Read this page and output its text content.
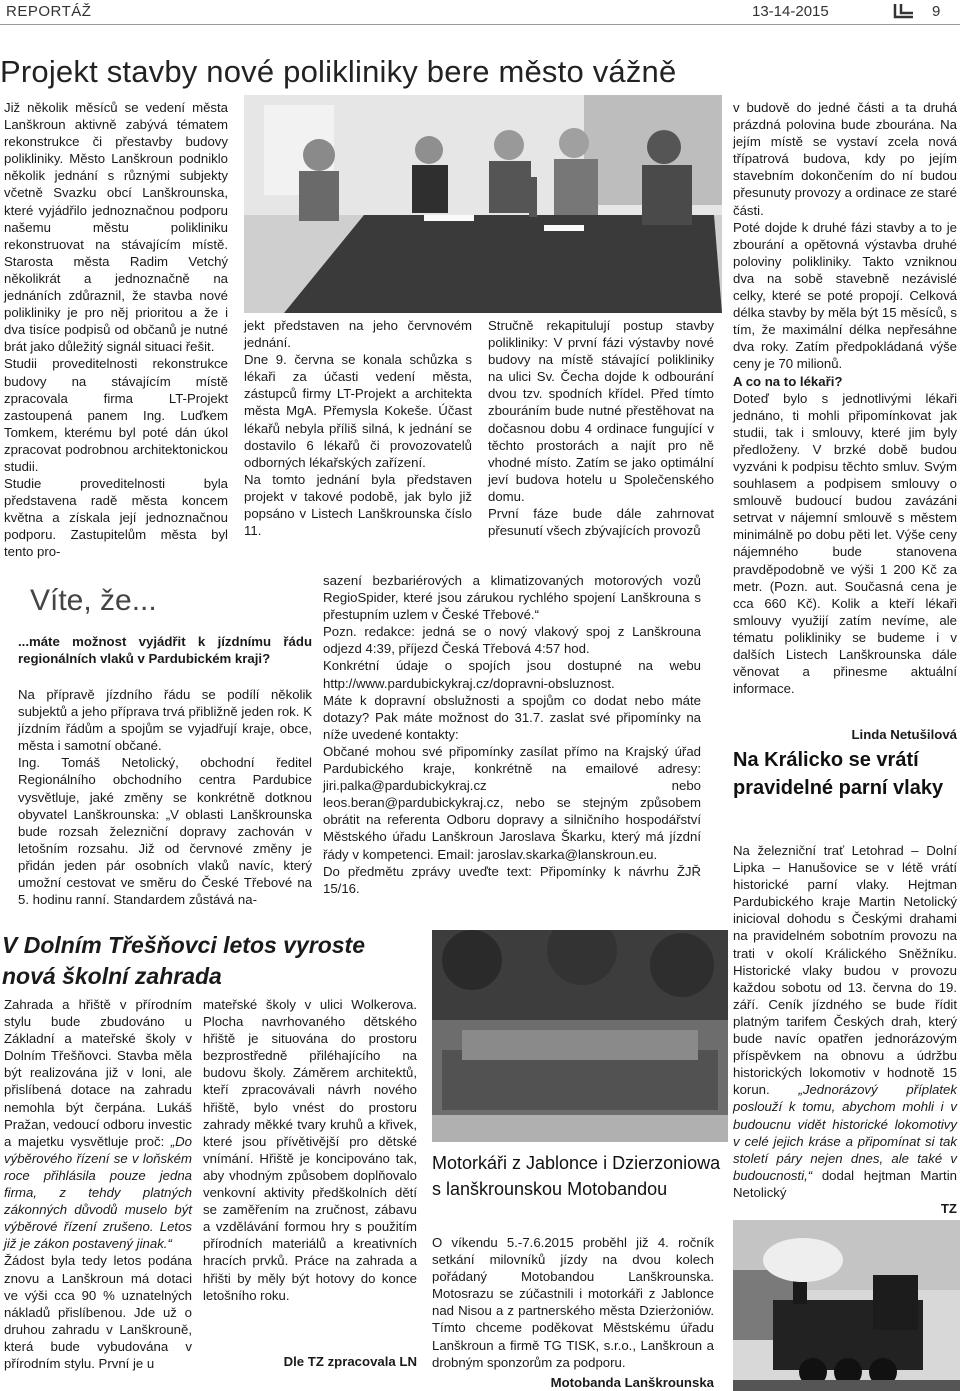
REPORTÁŽ	13-14-2015	9
Projekt stavby nové polikliniky bere město vážně

Již několik měsíců se vedení města Lanškroun aktivně zabývá tématem rekonstrukce či přestavby budovy polikliniky. Město Lanškroun podniklo několik jednání s různými subjekty včetně Svazku obcí Lanškrounska, které vyjádřilo jednoznačnou podporu našemu městu polikliniku rekonstruovat na stávajícím místě. Starosta města Radim Vetchý několikrát a jednoznačně na jednáních zdůraznil, že stavba nové polikliniky je pro něj prioritou a že i dva tisíce podpisů od občanů je nutné brát jako důležitý signál situaci řešit.

Studii proveditelnosti rekonstrukce budovy na stávajícím místě zpracovala firma LT-Projekt zastoupená panem Ing. Luďkem Tomkem, kterému byl poté dán úkol zpracovat podrobnou architektonickou studii.

Studie proveditelnosti byla představena radě města koncem května a získala její jednoznačnou podporu. Zastupitelům města byl tento pro-

jekt představen na jeho červnovém jednání.

Dne 9. června se konala schůzka s lékaři za účasti vedení města, zástupců firmy LT-Projekt a architekta města MgA. Přemysla Kokeše. Účast lékařů nebyla příliš silná, k jednání se dostavilo 6 lékařů či provozovatelů odborných lékařských zařízení.

Na tomto jednání byla představen projekt v takové podobě, jak bylo již popsáno v Listech Lanškrounska číslo 11.

Stručně rekapitulují postup stavby polikliniky: V první fázi výstavby nové budovy na místě stávající polikliniky na ulici Sv. Čecha dojde k odbourání dvou tzv. spodních křídel. Před tímto zbouráním bude nutné přestěhovat na dočasnou dobu 4 ordinace fungující v těchto prostorách a najít pro ně vhodné místo. Zatím se jako optimální jeví budova hotelu u Společenského domu.

První fáze bude dále zahrnovat přesunutí všech zbývajících provozů

v budově do jedné části a ta druhá prázdná polovina bude zbourána. Na jejím místě se vystaví zcela nová třípatrová budova, kdy po jejím stavebním dokončením do ní budou přesunuty provozy a ordinace ze staré části.

Poté dojde k druhé fázi stavby a to je zbourání a opětovná výstavba druhé poloviny polikliniky. Takto vzniknou dva na sobě stavebně nezávislé celky, které se poté propojí. Celková délka stavby by měla být 15 měsíců, s tím, že maximální délka nepřesáhne dva roky. Zatím předpokládaná výše ceny je 70 milionů.

A co na to lékaři?

Doteď bylo s jednotlivými lékaři jednáno, ti mohli připomínkovat jak studii, tak i smlouvy, které jim byly předloženy. V brzké době budou vyzváni k podpisu těchto smluv. Svým souhlasem a podpisem smlouvy o smlouvě budoucí budou zavázáni setrvat v nájemní smlouvě s městem minimálně po dobu pěti let. Výše ceny nájemného bude stanovena pravděpodobně ve výši 1 200 Kč za metr. (Pozn. aut. Současná cena je cca 660 Kč). Kolik a kteří lékaři smlouvy využijí zatím nevíme, ale tématu polikliniky se budeme i v dalších Listech Lanškrounska dále věnovat a přinesme aktuální informace.

Linda Netušilová
Víte, že...
...máte možnost vyjádřit k jízdnímu řádu regionálních vlaků v Pardubickém kraji?

Na přípravě jízdního řádu se podílí několik subjektů a jeho příprava trvá přibližně jeden rok. K jízdním řádům a spojům se vyjadřují kraje, obce, města i samotní občané.

Ing. Tomáš Netolický, obchodní ředitel Regionálního obchodního centra Pardubice vysvětluje, jaké změny se konkrétně dotknou obyvatel Lanškrounska: „V oblasti Lanškrounska bude rozsah železniční dopravy zachován v letošním rozsahu. Již od červnové změny je přidán jeden pár osobních vlaků navíc, který umožní cestovat ve směru do České Třebové na 5. hodinu ranní. Standardem zůstává na-

sazení bezbariérových a klimatizovaných motorových vozů RegioSpider, které jsou zárukou rychlého spojení Lanškrouna s přestupním uzlem v České Třebové.“

Pozn. redakce: jedná se o nový vlakový spoj z Lanškrouna odjezd 4:39, příjezd Česká Třebová 4:57 hod.

Konkrétní údaje o spojích jsou dostupné na webu http://www.pardubickykraj.cz/dopravni-obsluznost.

Máte k dopravní obslužnosti a spojům co dodat nebo máte dotazy? Pak máte možnost do 31.7. zaslat své připomínky na níže uvedené kontakty:

Občané mohou své připomínky zasílat přímo na Krajský úřad Pardubického kraje, konkrétně na emailové adresy: jiri.palka@pardubickykraj.cz nebo leos.beran@pardubickykraj.cz, nebo se stejným způsobem obrátit na referenta Odboru dopravy a silničního hospodářství Městského úřadu Lanškroun Jaroslava Škarku, který má jízdní řády v kompetenci. Email: jaroslav.skarka@lanskroun.eu.

Do předmětu zprávy uveďte text: Připomínky k návrhu ŽJŘ 15/16.

V Dolním Třešňovci letos vyroste nová školní zahrada

Zahrada a hřiště v přírodním stylu bude zbudováno u Základní a mateřské školy v Dolním Třešňovci. Stavba měla být realizována již v loni, ale přislíbená dotace na zahradu nemohla být čerpána. Lukáš Pražan, vedoucí odboru investic a majetku vysvětluje proč: „Do výběrového řízení se v loňském roce přihlásila pouze jedna firma, z tehdy platných zákonných důvodů muselo být výběrové řízení zrušeno. Letos již je zákon postavený jinak.“

Žádost byla tedy letos podána znovu a Lanškroun má dotaci ve výši cca 90 % uznatelných nákladů přislíbenou. Jde už o druhou zahradu v Lanškrouně, která bude vybudována v přírodním stylu. První je u

mateřské školy v ulici Wolkerova. Plocha navrhovaného dětského hřiště je situována do prostoru bezprostředně přiléhajícího na budovu školy. Záměrem architektů, kteří zpracovávali návrh nového hřiště, bylo vnést do prostoru zahrady měkké tvary kruhů a křivek, které jsou přívětivější pro dětské vnímání. Hřiště je koncipováno tak, aby vhodným způsobem doplňovalo venkovní aktivity předškolních dětí se zaměřením na zručnost, zábavu a vzdělávání formou hry s použitím přírodních materiálů a kreativních hracích prvků. Práce na zahrada a hřišti by měly být hotovy do konce letošního roku.

Dle TZ zpracovala LN
Motorkáři z Jablonce i Dzierzoniowa s lanškrounskou Motobandou
O víkendu 5.-7.6.2015 proběhl již 4. ročník setkání milovníků jízdy na dvou kolech pořádaný Motobandou Lanškrounska. Motosrazu se zúčastnili i motorkáři z Jablonce nad Nisou a z partnerského města Dzierżoniów. Tímto chceme poděkovat Městskému úřadu Lanškroun a firmě TG TISK, s.r.o., Lanškroun a drobným sponzorům za podporu.
Motobanda Lanškrounska
Na Králicko se vrátí pravidelné parní vlaky

Na železniční trať Letohrad – Dolní Lipka – Hanušovice se v létě vrátí historické parní vlaky. Hejtman Pardubického kraje Martin Netolický inicioval dohodu s Českými drahami na pravidelném sobotním provozu na trati v okolí Králického Sněžníku. Historické vlaky budou v provozu každou sobotu od 13. června do 19. září. Ceník jízdného se bude řídit platným tarifem Českých drah, který bude navíc opatřen jednorázovým příspěvkem na obnovu a údržbu historických lokomotiv v hodnotě 15 korun. „Jednorázový příplatek poslouží k tomu, abychom mohli i v budoucnu vidět historické lokomotivy v celé jejich kráse a připomínat si tak století páry nejen dnes, ale také v budoucnosti,“ dodal hejtman Martin Netolický

TZ
